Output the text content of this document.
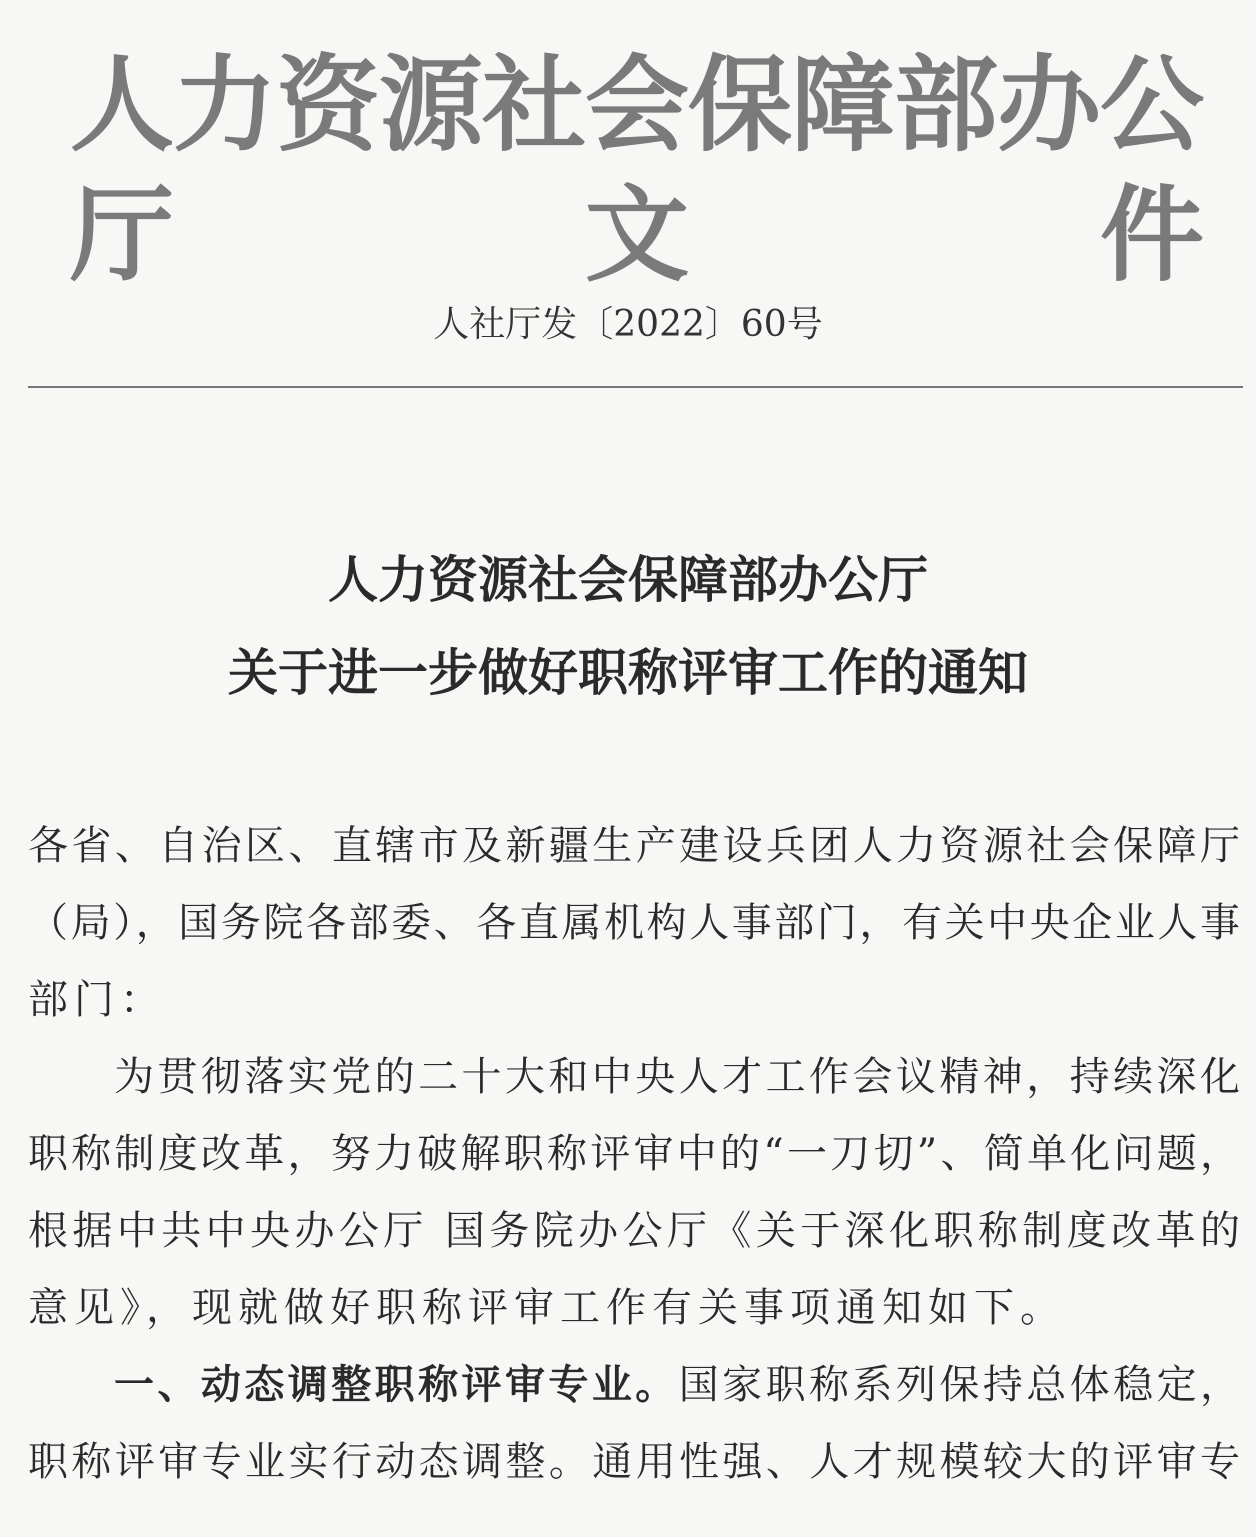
人力资源社会保障部办公厅文件
人社厅发〔2022〕60号
人力资源社会保障部办公厅
关于进一步做好职称评审工作的通知
各省、自治区、直辖市及新疆生产建设兵团人力资源社会保障厅
（局），国务院各部委、各直属机构人事部门，有关中央企业人事
部门：
为贯彻落实党的二十大和中央人才工作会议精神，持续深化
职称制度改革，努力破解职称评审中的“一刀切”、简单化问题，
根据中共中央办公厅 国务院办公厅《关于深化职称制度改革的
意见》，现就做好职称评审工作有关事项通知如下。
一、动态调整职称评审专业。国家职称系列保持总体稳定，
职称评审专业实行动态调整。通用性强、人才规模较大的评审专
